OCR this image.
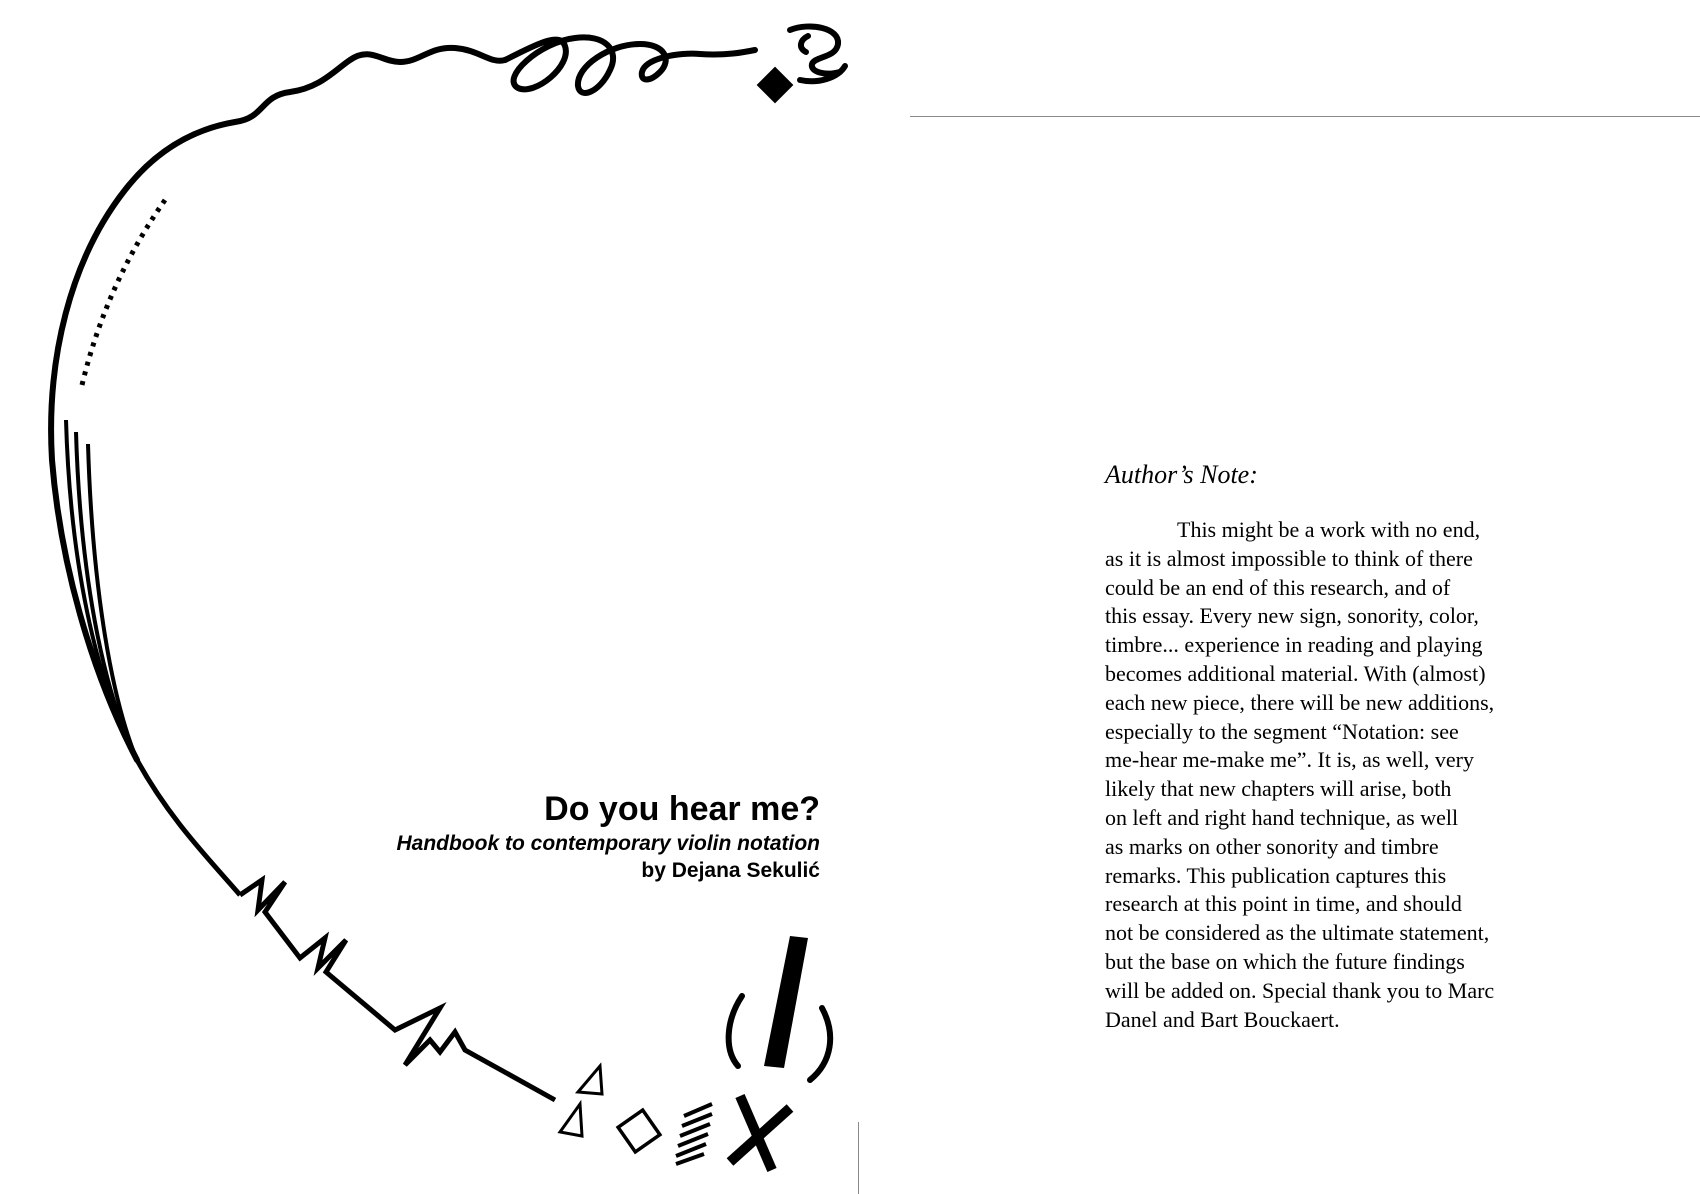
Do you hear me?

Handbook to contemporary violin notation

by Dejana Sekulić

Author’s Note:

This might be a work with no end,
as it is almost impossible to think of there
could be an end of this research, and of
this essay. Every new sign, sonority, color,
timbre... experience in reading and playing
becomes additional material. With (almost)
each new piece, there will be new additions,
especially to the segment “Notation: see
me-hear me-make me”. It is, as well, very
likely that new chapters will arise, both
on left and right hand technique, as well
as marks on other sonority and timbre
remarks. This publication captures this
research at this point in time, and should
not be considered as the ultimate statement,
but the base on which the future findings
will be added on. Special thank you to Marc
Danel and Bart Bouckaert.
